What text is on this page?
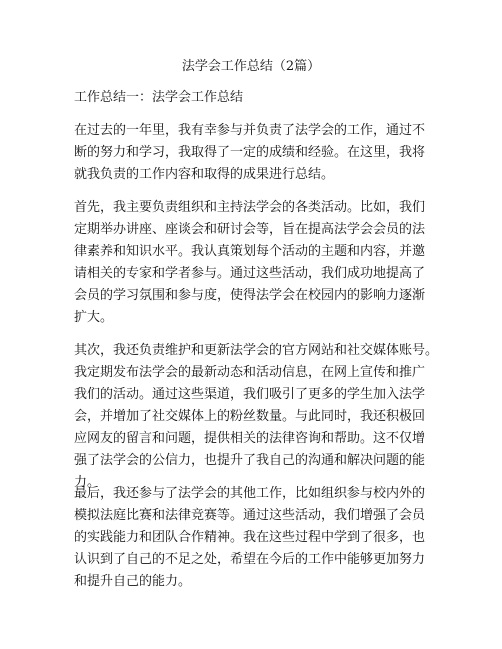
法学会工作总结（2篇）
工作总结一：法学会工作总结

在过去的一年里，我有幸参与并负责了法学会的工作，通过不
断的努力和学习，我取得了一定的成绩和经验。在这里，我将
就我负责的工作内容和取得的成果进行总结。

首先，我主要负责组织和主持法学会的各类活动。比如，我们
定期举办讲座、座谈会和研讨会等，旨在提高法学会会员的法
律素养和知识水平。我认真策划每个活动的主题和内容，并邀
请相关的专家和学者参与。通过这些活动，我们成功地提高了
会员的学习氛围和参与度，使得法学会在校园内的影响力逐渐
扩大。

其次，我还负责维护和更新法学会的官方网站和社交媒体账号。
我定期发布法学会的最新动态和活动信息，在网上宣传和推广
我们的活动。通过这些渠道，我们吸引了更多的学生加入法学
会，并增加了社交媒体上的粉丝数量。与此同时，我还积极回
应网友的留言和问题，提供相关的法律咨询和帮助。这不仅增
强了法学会的公信力，也提升了我自己的沟通和解决问题的能
力。

最后，我还参与了法学会的其他工作，比如组织参与校内外的
模拟法庭比赛和法律竞赛等。通过这些活动，我们增强了会员
的实践能力和团队合作精神。我在这些过程中学到了很多，也
认识到了自己的不足之处，希望在今后的工作中能够更加努力
和提升自己的能力。
